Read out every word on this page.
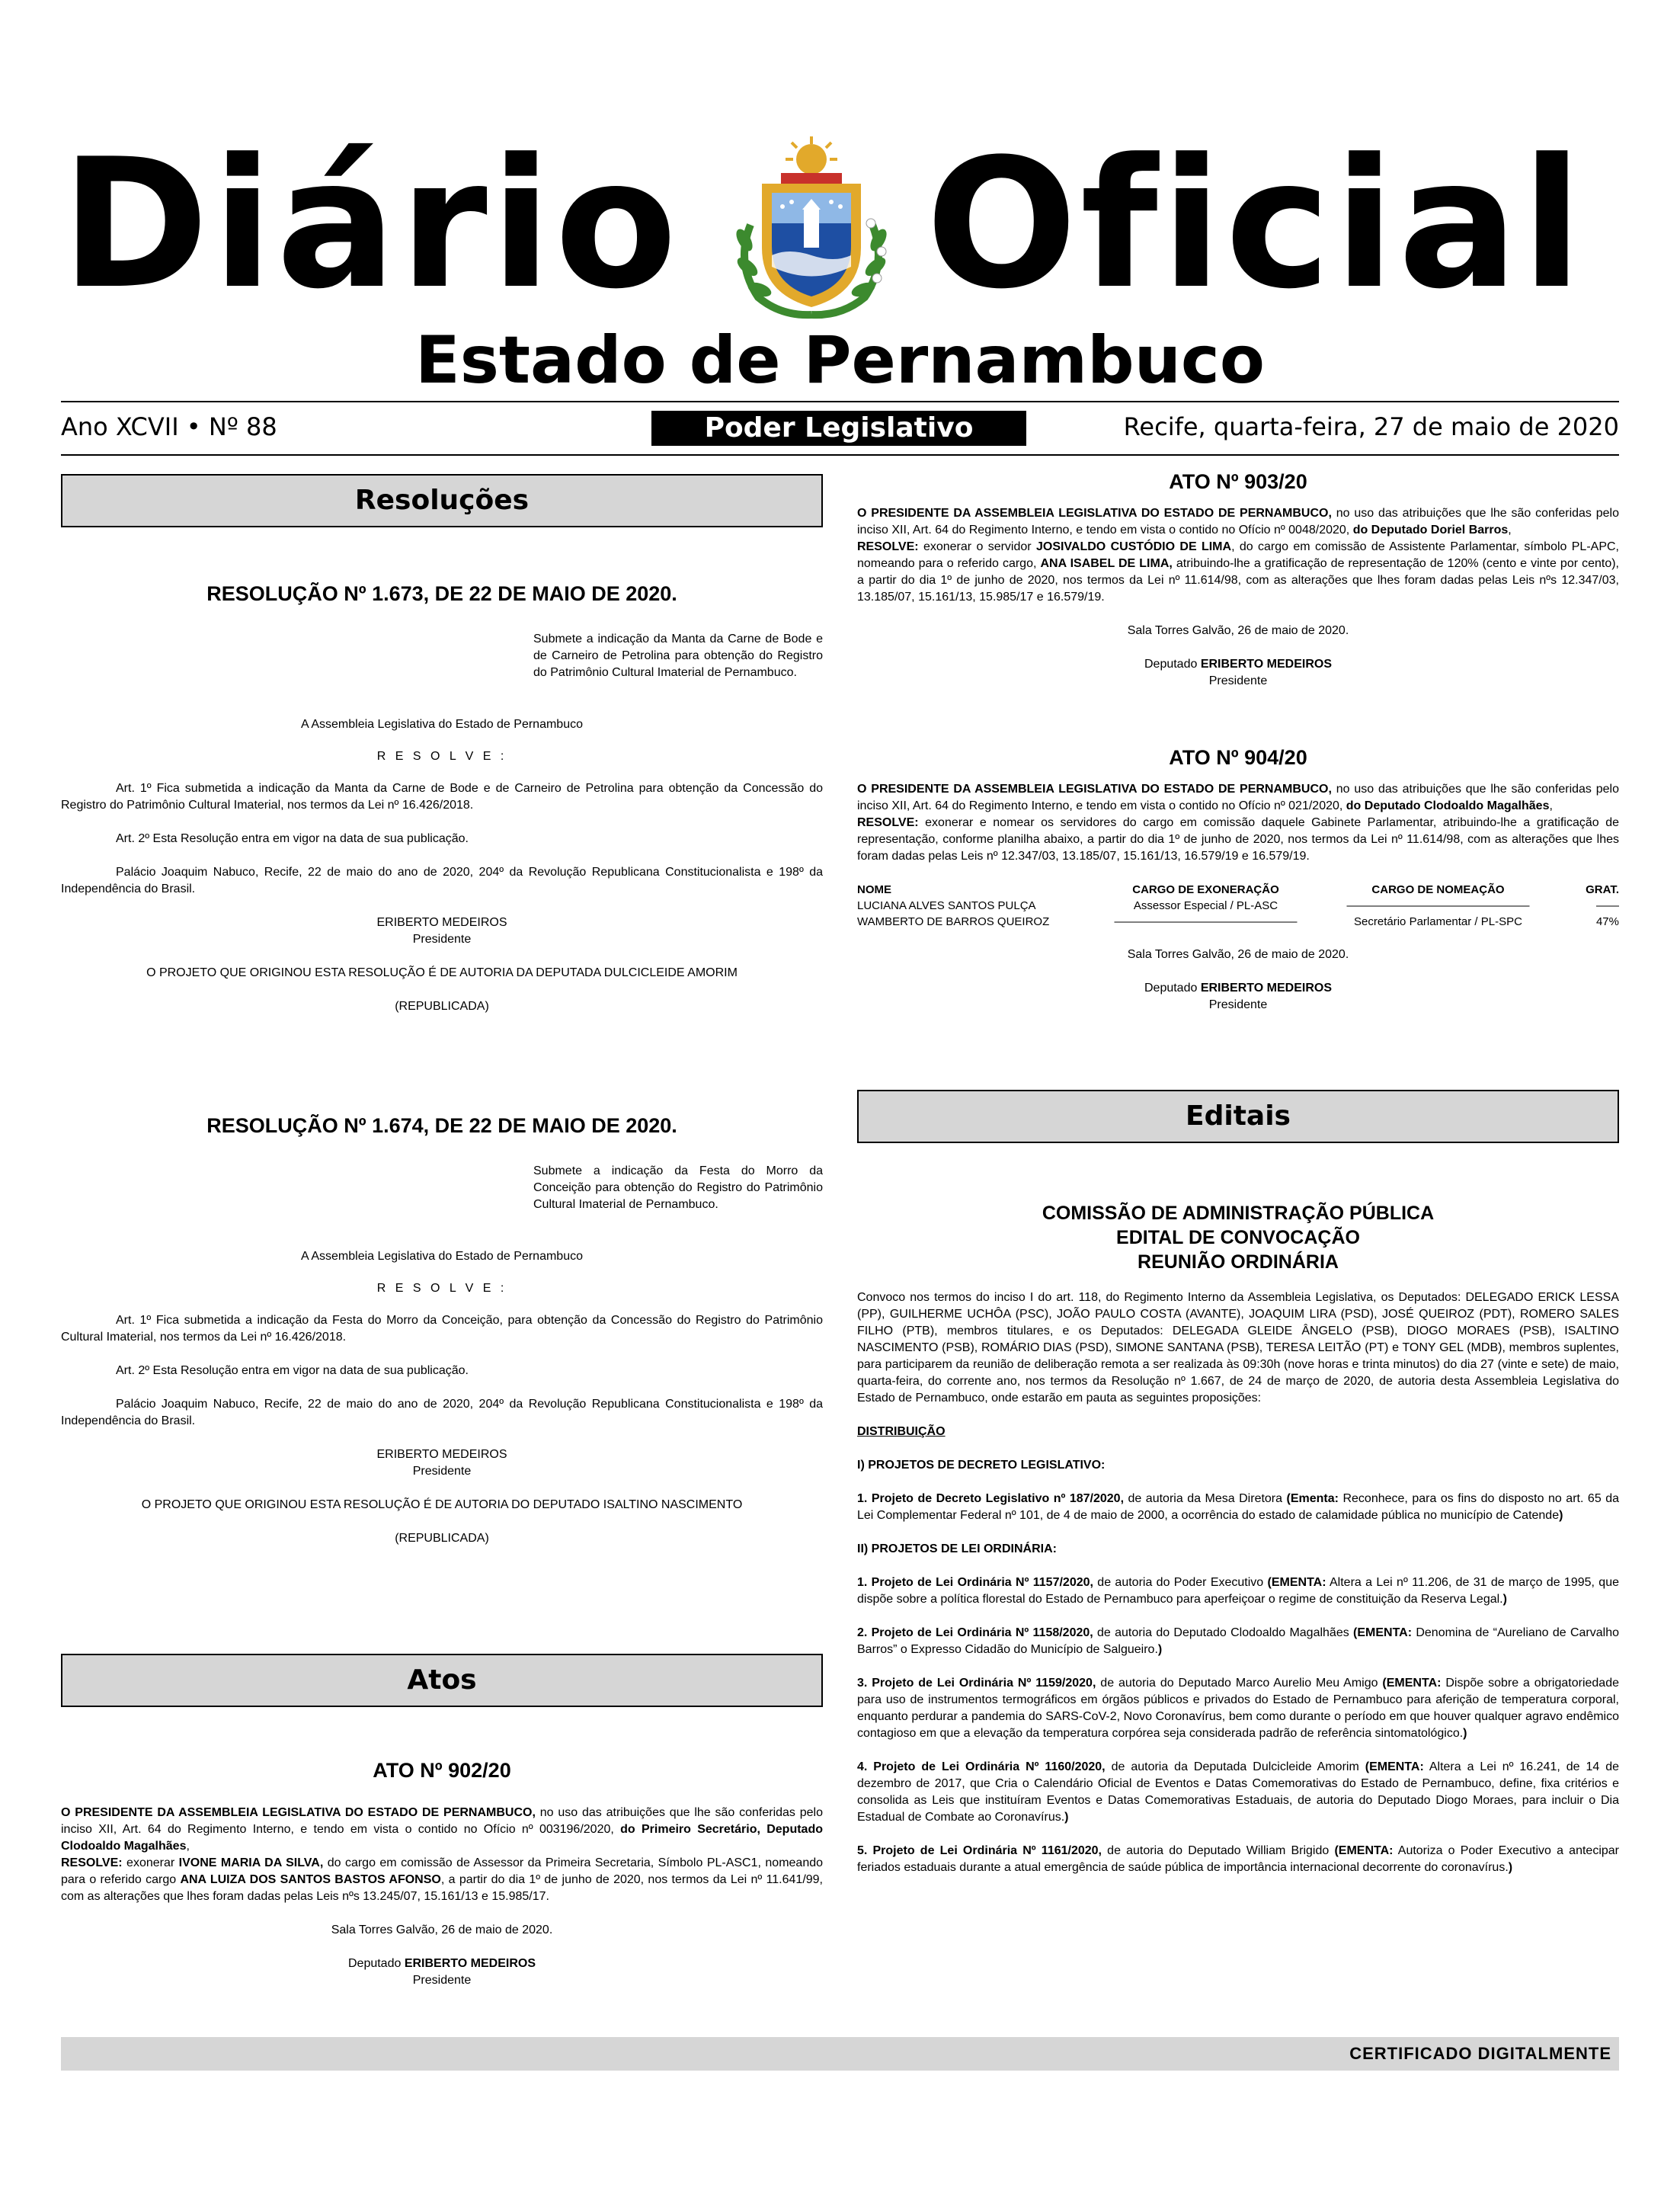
Diário Oficial
Estado de Pernambuco
Ano XCVII • Nº 88	Poder Legislativo	Recife, quarta-feira, 27 de maio de 2020
Resoluções
RESOLUÇÃO Nº 1.673, DE 22 DE MAIO DE 2020.

Submete a indicação da Manta da Carne de Bode e de Carneiro de Petrolina para obtenção do Registro do Patrimônio Cultural Imaterial de Pernambuco.

A Assembleia Legislativa do Estado de Pernambuco

R E S O L V E :

Art. 1º Fica submetida a indicação da Manta da Carne de Bode e de Carneiro de Petrolina para obtenção da Concessão do Registro do Patrimônio Cultural Imaterial, nos termos da Lei nº 16.426/2018.

Art. 2º Esta Resolução entra em vigor na data de sua publicação.

Palácio Joaquim Nabuco, Recife, 22 de maio do ano de 2020, 204º da Revolução Republicana Constitucionalista e 198º da Independência do Brasil.

ERIBERTO MEDEIROS

Presidente

O PROJETO QUE ORIGINOU ESTA RESOLUÇÃO É DE AUTORIA DA DEPUTADA DULCICLEIDE AMORIM

(REPUBLICADA)

RESOLUÇÃO Nº 1.674, DE 22 DE MAIO DE 2020.

Submete a indicação da Festa do Morro da Conceição para obtenção do Registro do Patrimônio Cultural Imaterial de Pernambuco.

A Assembleia Legislativa do Estado de Pernambuco

R E S O L V E :

Art. 1º Fica submetida a indicação da Festa do Morro da Conceição, para obtenção da Concessão do Registro do Patrimônio Cultural Imaterial, nos termos da Lei nº 16.426/2018.

Art. 2º Esta Resolução entra em vigor na data de sua publicação.

Palácio Joaquim Nabuco, Recife, 22 de maio do ano de 2020, 204º da Revolução Republicana Constitucionalista e 198º da Independência do Brasil.

ERIBERTO MEDEIROS

Presidente

O PROJETO QUE ORIGINOU ESTA RESOLUÇÃO É DE AUTORIA DO DEPUTADO ISALTINO NASCIMENTO

(REPUBLICADA)

Atos
ATO Nº 902/20

O PRESIDENTE DA ASSEMBLEIA LEGISLATIVA DO ESTADO DE PERNAMBUCO, no uso das atribuições que lhe são conferidas pelo inciso XII, Art. 64 do Regimento Interno, e tendo em vista o contido no Ofício nº 003196/2020, do Primeiro Secretário, Deputado Clodoaldo Magalhães,

RESOLVE: exonerar IVONE MARIA DA SILVA, do cargo em comissão de Assessor da Primeira Secretaria, Símbolo PL-ASC1, nomeando para o referido cargo ANA LUIZA DOS SANTOS BASTOS AFONSO, a partir do dia 1º de junho de 2020, nos termos da Lei nº 11.641/99, com as alterações que lhes foram dadas pelas Leis nºs 13.245/07, 15.161/13 e 15.985/17.

Sala Torres Galvão, 26 de maio de 2020.

Deputado ERIBERTO MEDEIROS

Presidente

ATO Nº 903/20

O PRESIDENTE DA ASSEMBLEIA LEGISLATIVA DO ESTADO DE PERNAMBUCO, no uso das atribuições que lhe são conferidas pelo inciso XII, Art. 64 do Regimento Interno, e tendo em vista o contido no Ofício nº 0048/2020, do Deputado Doriel Barros,

RESOLVE: exonerar o servidor JOSIVALDO CUSTÓDIO DE LIMA, do cargo em comissão de Assistente Parlamentar, símbolo PL-APC, nomeando para o referido cargo, ANA ISABEL DE LIMA, atribuindo-lhe a gratificação de representação de 120% (cento e vinte por cento), a partir do dia 1º de junho de 2020, nos termos da Lei nº 11.614/98, com as alterações que lhes foram dadas pelas Leis nºs 12.347/03, 13.185/07, 15.161/13, 15.985/17 e 16.579/19.

Sala Torres Galvão, 26 de maio de 2020.

Deputado ERIBERTO MEDEIROS

Presidente

ATO Nº 904/20

O PRESIDENTE DA ASSEMBLEIA LEGISLATIVA DO ESTADO DE PERNAMBUCO, no uso das atribuições que lhe são conferidas pelo inciso XII, Art. 64 do Regimento Interno, e tendo em vista o contido no Ofício nº 021/2020, do Deputado Clodoaldo Magalhães,

RESOLVE: exonerar e nomear os servidores do cargo em comissão daquele Gabinete Parlamentar, atribuindo-lhe a gratificação de representação, conforme planilha abaixo, a partir do dia 1º de junho de 2020, nos termos da Lei nº 11.614/98, com as alterações que lhes foram dadas pelas Leis nº 12.347/03, 13.185/07, 15.161/13, 16.579/19 e 16.579/19.

NOME	CARGO DE EXONERAÇÃO	CARGO DE NOMEAÇÃO	GRAT.
LUCIANA ALVES SANTOS PULÇA	Assessor Especial / PL-ASC	————————————————	——
WAMBERTO DE BARROS QUEIROZ	————————————————	Secretário Parlamentar / PL-SPC	47%

Sala Torres Galvão, 26 de maio de 2020.

Deputado ERIBERTO MEDEIROS

Presidente

Editais
COMISSÃO DE ADMINISTRAÇÃO PÚBLICA
EDITAL DE CONVOCAÇÃO
REUNIÃO ORDINÁRIA

Convoco nos termos do inciso I do art. 118, do Regimento Interno da Assembleia Legislativa, os Deputados: DELEGADO ERICK LESSA (PP), GUILHERME UCHÔA (PSC), JOÃO PAULO COSTA (AVANTE), JOAQUIM LIRA (PSD), JOSÉ QUEIROZ (PDT), ROMERO SALES FILHO (PTB), membros titulares, e os Deputados: DELEGADA GLEIDE ÂNGELO (PSB), DIOGO MORAES (PSB), ISALTINO NASCIMENTO (PSB), ROMÁRIO DIAS (PSD), SIMONE SANTANA (PSB), TERESA LEITÃO (PT) e TONY GEL (MDB), membros suplentes, para participarem da reunião de deliberação remota a ser realizada às 09:30h (nove horas e trinta minutos) do dia 27 (vinte e sete) de maio, quarta-feira, do corrente ano, nos termos da Resolução nº 1.667, de 24 de março de 2020, de autoria desta Assembleia Legislativa do Estado de Pernambuco, onde estarão em pauta as seguintes proposições:

DISTRIBUIÇÃO

I) PROJETOS DE DECRETO LEGISLATIVO:

1. Projeto de Decreto Legislativo nº 187/2020, de autoria da Mesa Diretora (Ementa: Reconhece, para os fins do disposto no art. 65 da Lei Complementar Federal nº 101, de 4 de maio de 2000, a ocorrência do estado de calamidade pública no município de Catende)

II) PROJETOS DE LEI ORDINÁRIA:

1. Projeto de Lei Ordinária Nº 1157/2020, de autoria do Poder Executivo (EMENTA: Altera a Lei nº 11.206, de 31 de março de 1995, que dispõe sobre a política florestal do Estado de Pernambuco para aperfeiçoar o regime de constituição da Reserva Legal.)

2. Projeto de Lei Ordinária Nº 1158/2020, de autoria do Deputado Clodoaldo Magalhães (EMENTA: Denomina de “Aureliano de Carvalho Barros” o Expresso Cidadão do Município de Salgueiro.)

3. Projeto de Lei Ordinária Nº 1159/2020, de autoria do Deputado Marco Aurelio Meu Amigo (EMENTA: Dispõe sobre a obrigatoriedade para uso de instrumentos termográficos em órgãos públicos e privados do Estado de Pernambuco para aferição de temperatura corporal, enquanto perdurar a pandemia do SARS-CoV-2, Novo Coronavírus, bem como durante o período em que houver qualquer agravo endêmico contagioso em que a elevação da temperatura corpórea seja considerada padrão de referência sintomatológico.)

4. Projeto de Lei Ordinária Nº 1160/2020, de autoria da Deputada Dulcicleide Amorim (EMENTA: Altera a Lei nº 16.241, de 14 de dezembro de 2017, que Cria o Calendário Oficial de Eventos e Datas Comemorativas do Estado de Pernambuco, define, fixa critérios e consolida as Leis que instituíram Eventos e Datas Comemorativas Estaduais, de autoria do Deputado Diogo Moraes, para incluir o Dia Estadual de Combate ao Coronavírus.)

5. Projeto de Lei Ordinária Nº 1161/2020, de autoria do Deputado William Brigido (EMENTA: Autoriza o Poder Executivo a antecipar feriados estaduais durante a atual emergência de saúde pública de importância internacional decorrente do coronavírus.)

CERTIFICADO DIGITALMENTE
